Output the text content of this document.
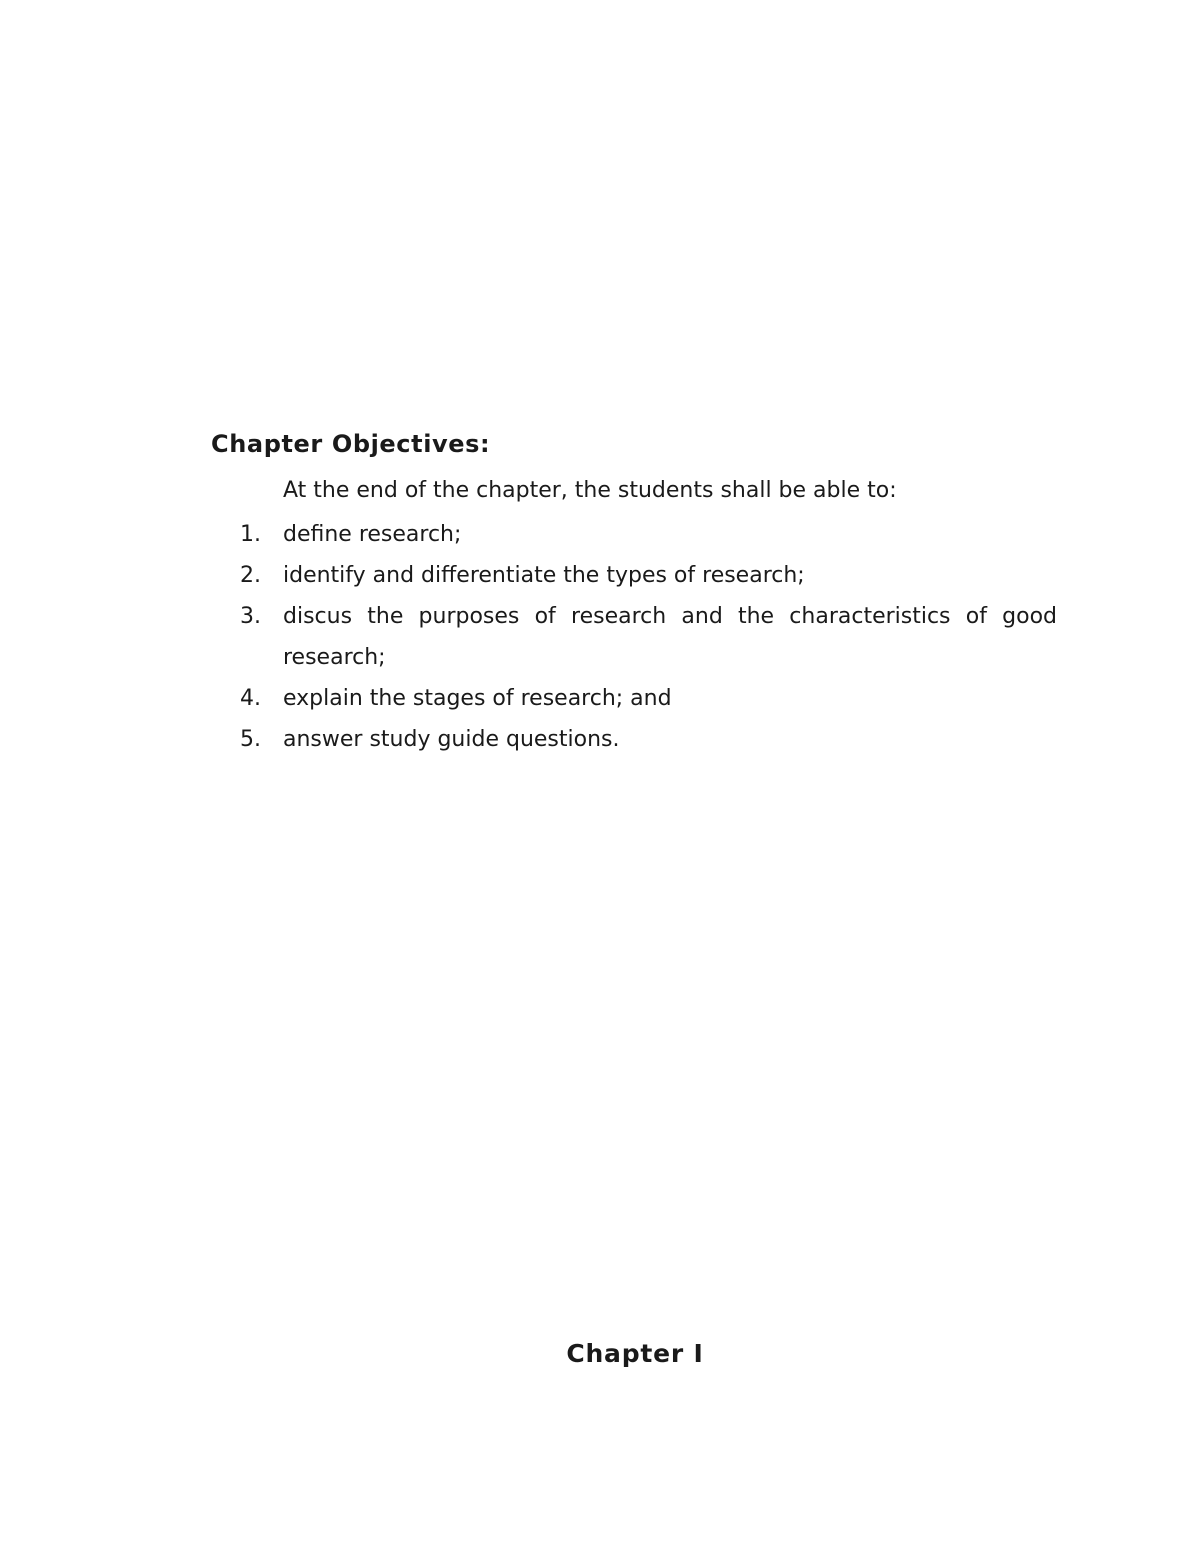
Chapter Objectives:

At the end of the chapter, the students shall be able to:

1.	define research;
2.	identify and differentiate the types of research;
3.	discus the purposes of research and the characteristics of good research;
4.	explain the stages of research; and
5.	answer study guide questions.
Chapter I
